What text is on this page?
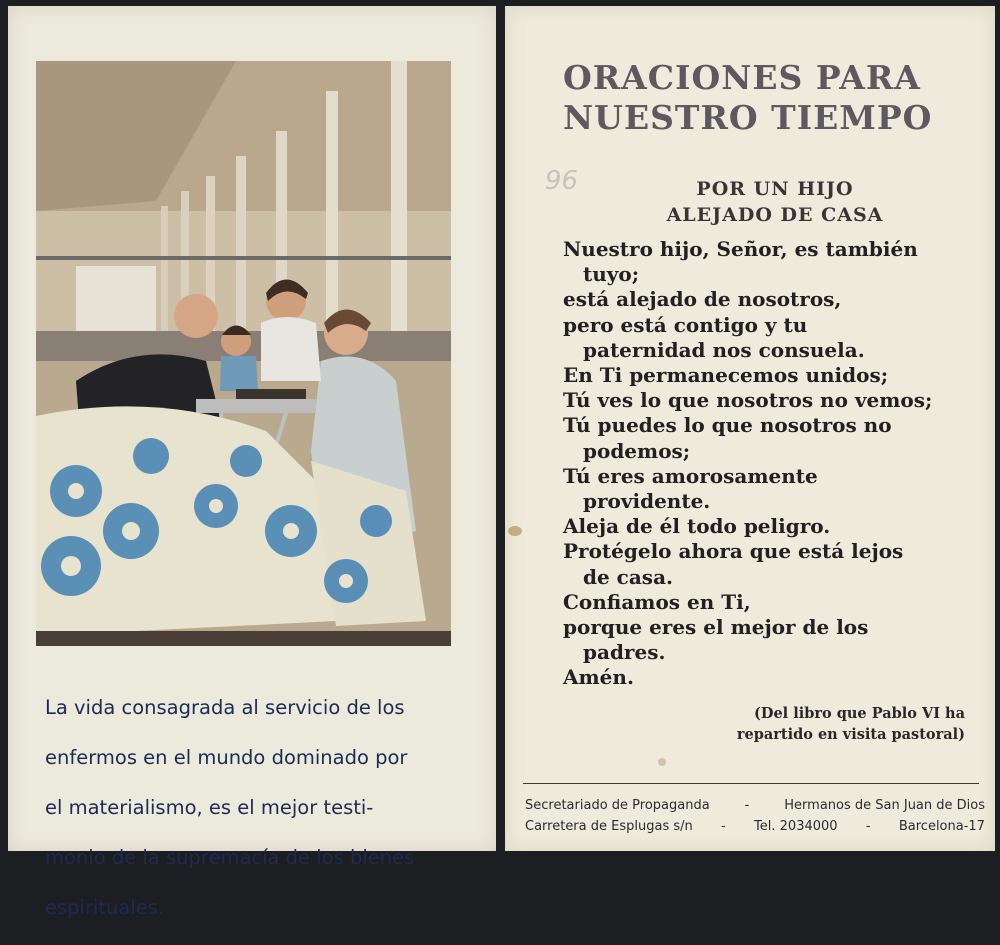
La vida consagrada al servicio de los

enfermos en el mundo dominado por

el materialismo, es el mejor testi-

monio de la supremacía de los bienes

espirituales.

ORACIONES PARA
NUESTRO TIEMPO
96	POR UN HIJO
ALEJADO DE CASA
Nuestro hijo, Señor, es también
tuyo;
está alejado de nosotros,
pero está contigo y tu
paternidad nos consuela.
En Ti permanecemos unidos;
Tú ves lo que nosotros no vemos;
Tú puedes lo que nosotros no
podemos;
Tú eres amorosamente
providente.
Aleja de él todo peligro.
Protégelo ahora que está lejos
de casa.
Confiamos en Ti,
porque eres el mejor de los
padres.
Amén.
(Del libro que Pablo VI ha
repartido en visita pastoral)
Secretariado de Propaganda	-	Hermanos de San Juan de Dios
Carretera de Esplugas s/n - Tel. 2034000 - Barcelona-17
